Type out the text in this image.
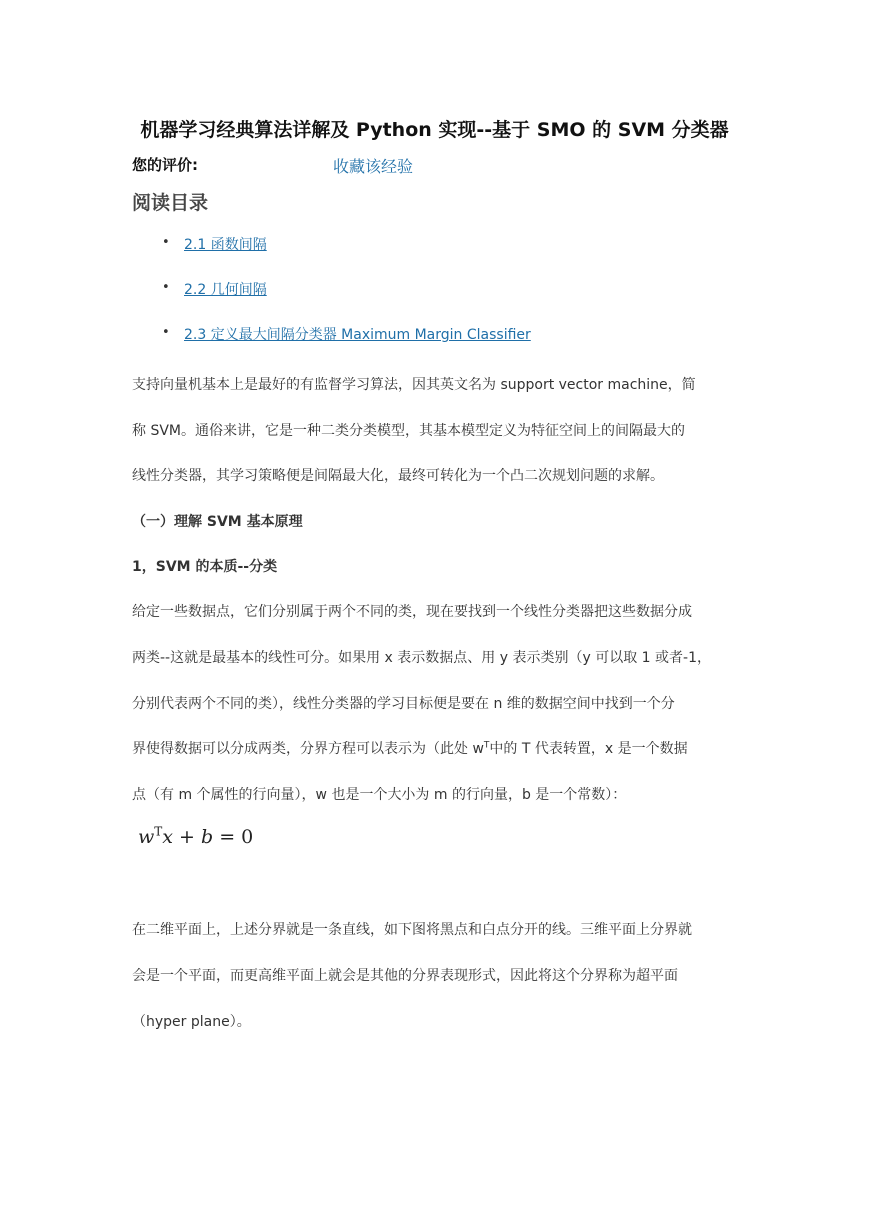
机器学习经典算法详解及 Python 实现--基于 SMO 的 SVM 分类器
您的评价:	收藏该经验
阅读目录
• 2.1 函数间隔
• 2.2 几何间隔
• 2.3 定义最大间隔分类器 Maximum Margin Classifier
支持向量机基本上是最好的有监督学习算法，因其英文名为 support vector machine，简
称 SVM。通俗来讲，它是一种二类分类模型，其基本模型定义为特征空间上的间隔最大的
线性分类器，其学习策略便是间隔最大化，最终可转化为一个凸二次规划问题的求解。
（一）理解 SVM 基本原理
1，SVM 的本质--分类
给定一些数据点，它们分别属于两个不同的类，现在要找到一个线性分类器把这些数据分成
两类--这就是最基本的线性可分。如果用 x 表示数据点、用 y 表示类别（y 可以取 1 或者-1，
分别代表两个不同的类），线性分类器的学习目标便是要在 n 维的数据空间中找到一个分
界使得数据可以分成两类，分界方程可以表示为（此处 $w^T$中的 T 代表转置，x 是一个数据
点（有 m 个属性的行向量），w 也是一个大小为 m 的行向量，b 是一个常数）：
$w^Tx + b = 0$
在二维平面上，上述分界就是一条直线，如下图将黑点和白点分开的线。三维平面上分界就
会是一个平面，而更高维平面上就会是其他的分界表现形式，因此将这个分界称为超平面
（hyper plane）。
